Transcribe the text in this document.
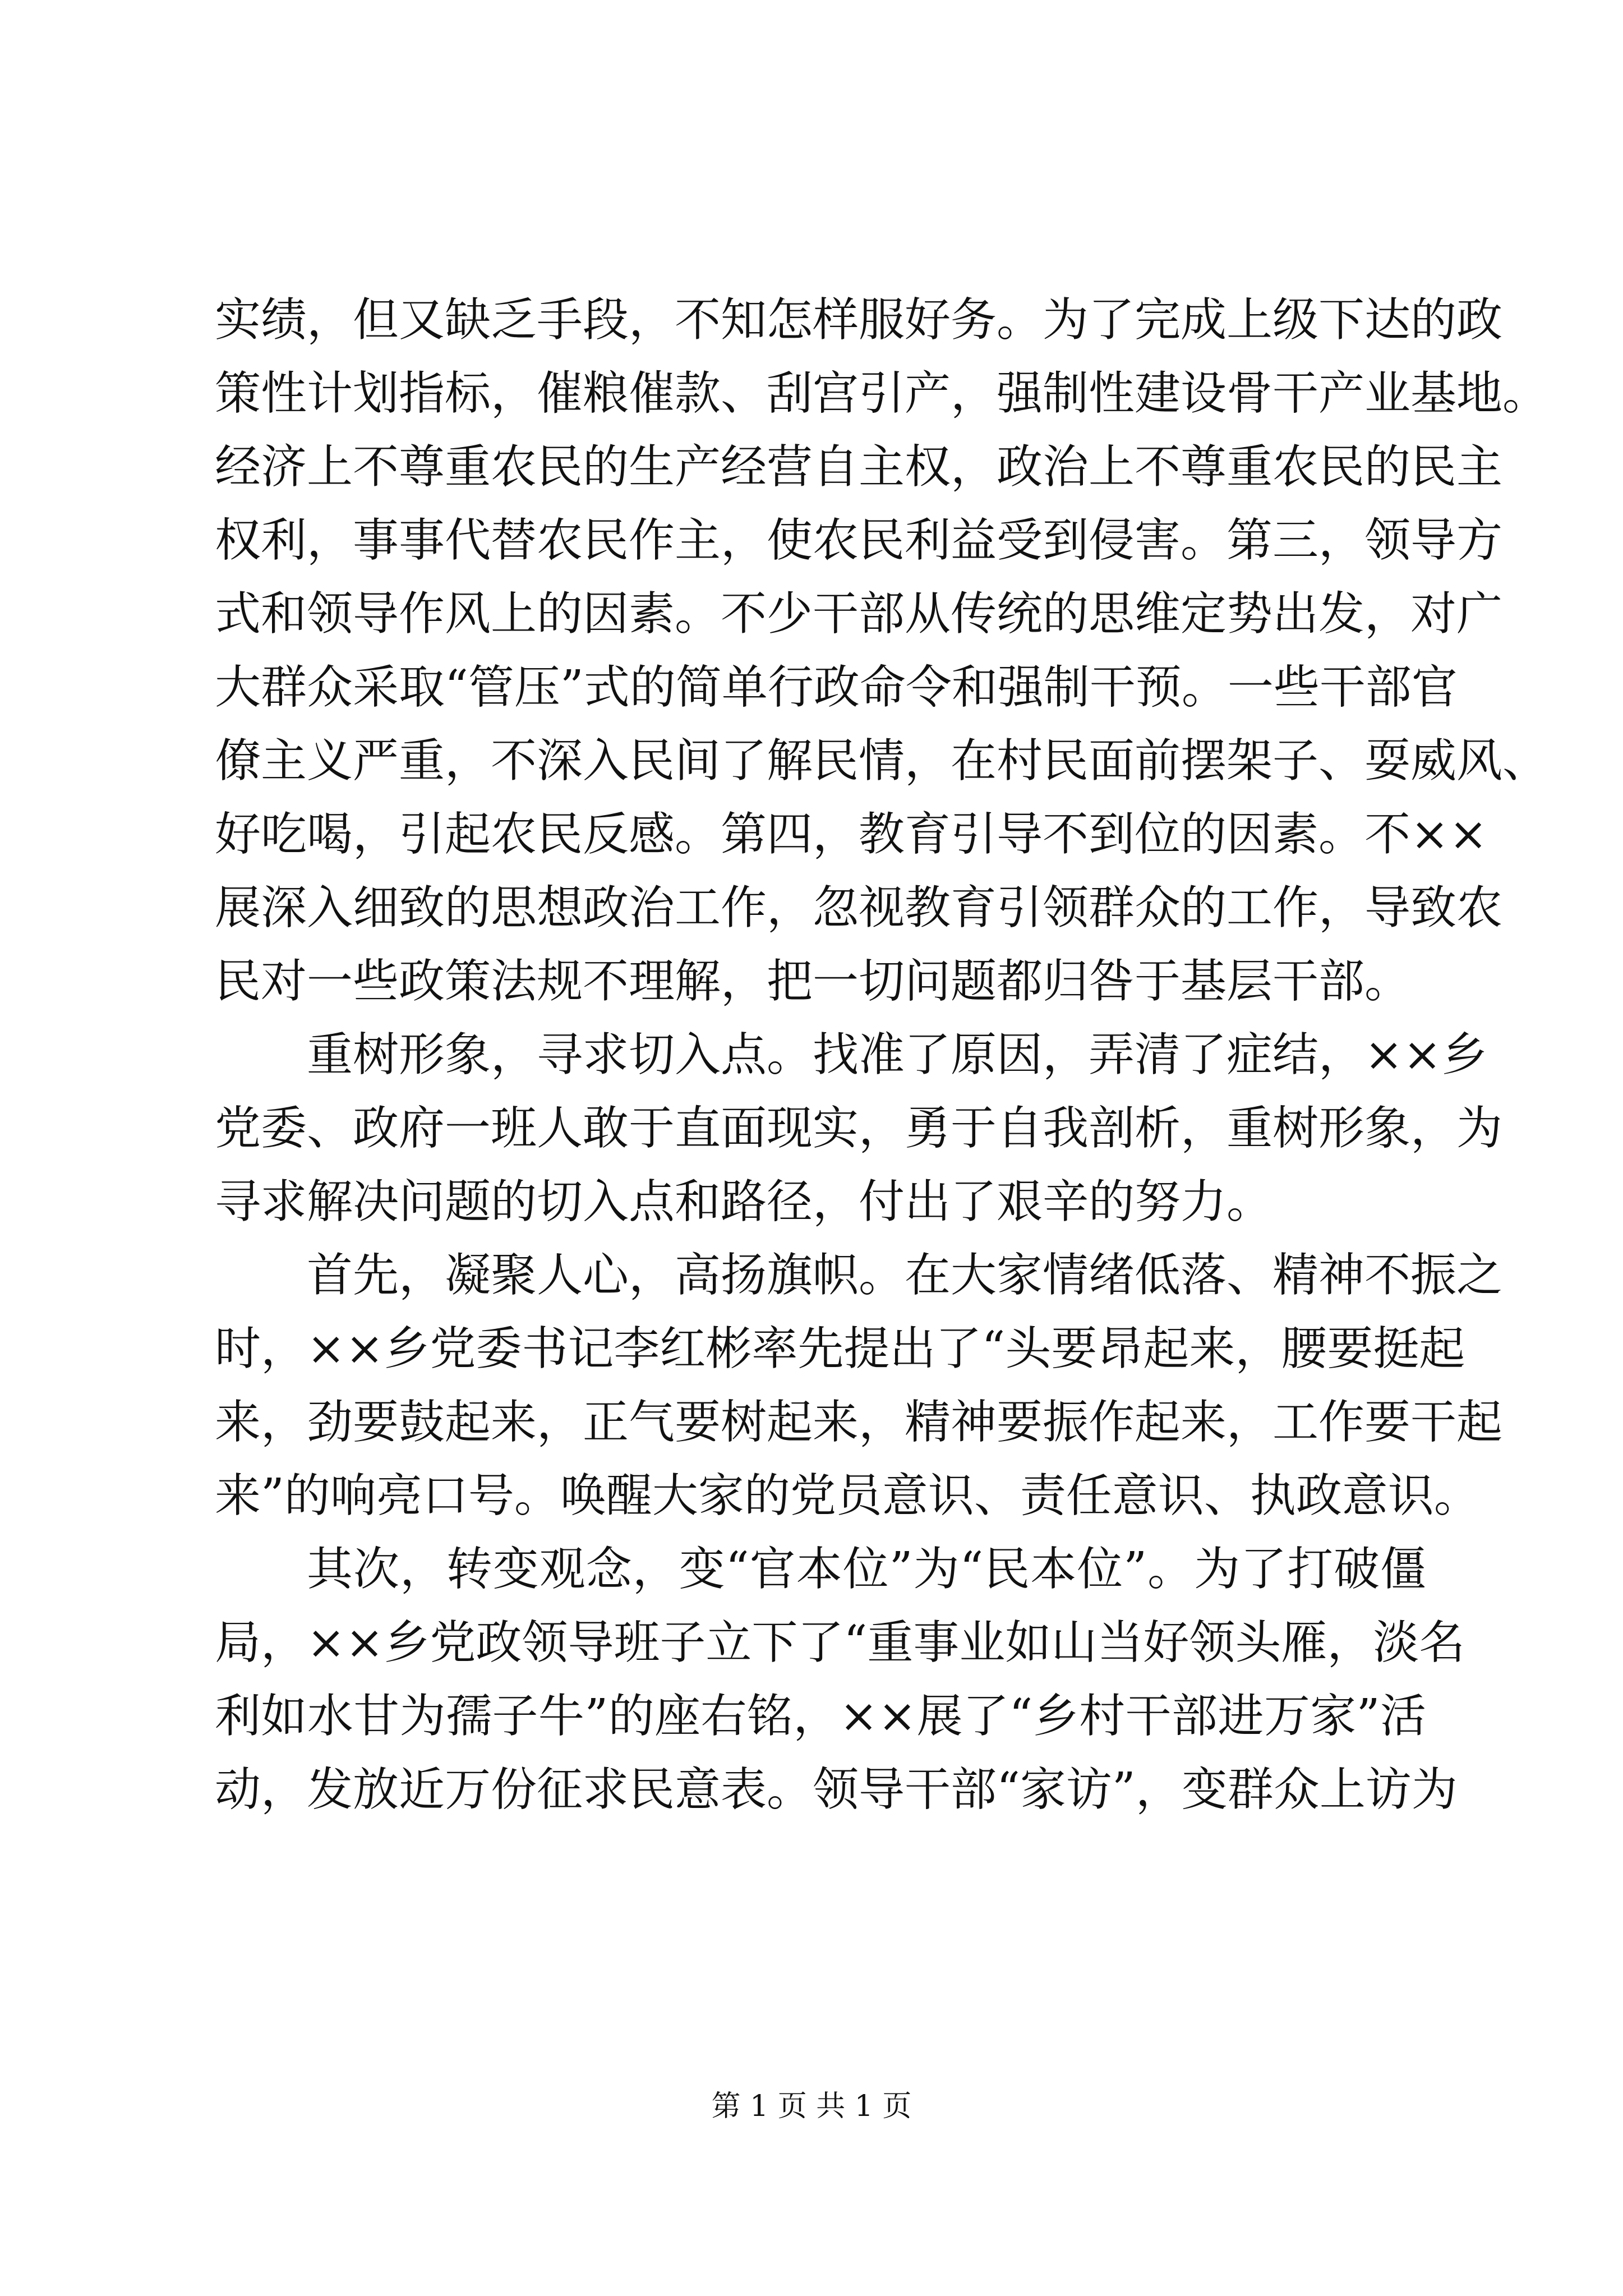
实绩，但又缺乏手段，不知怎样服好务。为了完成上级下达的政
策性计划指标，催粮催款、刮宫引产，强制性建设骨干产业基地。
经济上不尊重农民的生产经营自主权，政治上不尊重农民的民主
权利，事事代替农民作主，使农民利益受到侵害。第三，领导方
式和领导作风上的因素。不少干部从传统的思维定势出发，对广
大群众采取“管压”式的简单行政命令和强制干预。一些干部官
僚主义严重，不深入民间了解民情，在村民面前摆架子、耍威风、
好吃喝，引起农民反感。第四，教育引导不到位的因素。不××
展深入细致的思想政治工作，忽视教育引领群众的工作，导致农
民对一些政策法规不理解，把一切问题都归咎于基层干部。
重树形象，寻求切入点。找准了原因，弄清了症结，××乡
党委、政府一班人敢于直面现实，勇于自我剖析，重树形象，为
寻求解决问题的切入点和路径，付出了艰辛的努力。
首先，凝聚人心，高扬旗帜。在大家情绪低落、精神不振之
时，××乡党委书记李红彬率先提出了“头要昂起来，腰要挺起
来，劲要鼓起来，正气要树起来，精神要振作起来，工作要干起
来”的响亮口号。唤醒大家的党员意识、责任意识、执政意识。
其次，转变观念，变“官本位”为“民本位”。为了打破僵
局，××乡党政领导班子立下了“重事业如山当好领头雁，淡名
利如水甘为孺子牛”的座右铭，××展了“乡村干部进万家”活
动，发放近万份征求民意表。领导干部“家访”，变群众上访为
第 1 页 共 1 页
